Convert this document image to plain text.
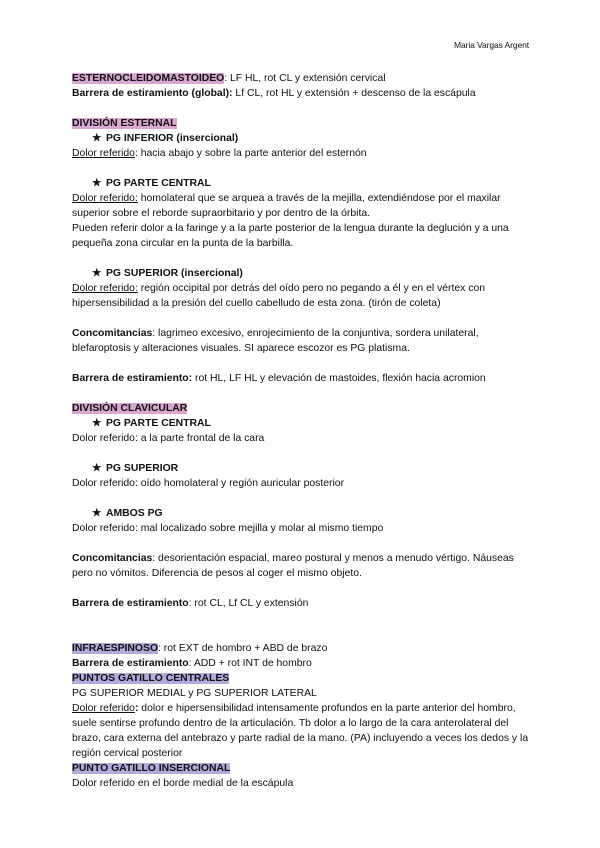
Maria Vargas Argent

ESTERNOCLEIDOMASTOIDEO: LF HL, rot CL y extensión cervical

Barrera de estiramiento (global): Lf CL, rot HL y extensión + descenso de la escápula

DIVISIÓN ESTERNAL

★ PG INFERIOR (insercional)

Dolor referido: hacia abajo y sobre la parte anterior del esternón

★ PG PARTE CENTRAL

Dolor referido: homolateral que se arquea a través de la mejilla, extendiéndose por el maxilar superior sobre el reborde supraorbitario y por dentro de la órbita.

Pueden referir dolor a la faringe y a la parte posterior de la lengua durante la deglución y a una pequeña zona circular en la punta de la barbilla.

★ PG SUPERIOR (insercional)

Dolor referido: región occipital por detrás del oído pero no pegando a él y en el vértex con hipersensibilidad a la presión del cuello cabelludo de esta zona. (tirón de coleta)

Concomitancias: lagrimeo excesivo, enrojecimiento de la conjuntiva, sordera unilateral, blefaroptosis y alteraciones visuales. SI aparece escozor es PG platisma.

Barrera de estiramiento: rot HL, LF HL y elevación de mastoides, flexión hacia acromion

DIVISIÓN CLAVICULAR

★ PG PARTE CENTRAL

Dolor referido: a la parte frontal de la cara

★ PG SUPERIOR

Dolor referido: oído homolateral y región auricular posterior

★ AMBOS PG

Dolor referido: mal localizado sobre mejilla y molar al mismo tiempo

Concomitancias: desorientación espacial, mareo postural y menos a menudo vértigo. Náuseas pero no vómitos. Diferencia de pesos al coger el mismo objeto.

Barrera de estiramiento: rot CL, Lf CL y extensión

INFRAESPINOSO: rot EXT de hombro + ABD de brazo

Barrera de estiramiento: ADD + rot INT de hombro

PUNTOS GATILLO CENTRALES

PG SUPERIOR MEDIAL y PG SUPERIOR LATERAL

Dolor referido: dolor e hipersensibilidad intensamente profundos en la parte anterior del hombro, suele sentirse profundo dentro de la articulación. Tb dolor a lo largo de la cara anterolateral del brazo, cara externa del antebrazo y parte radial de la mano. (PA) incluyendo a veces los dedos y la región cervical posterior

PUNTO GATILLO INSERCIONAL

Dolor referido en el borde medial de la escápula
